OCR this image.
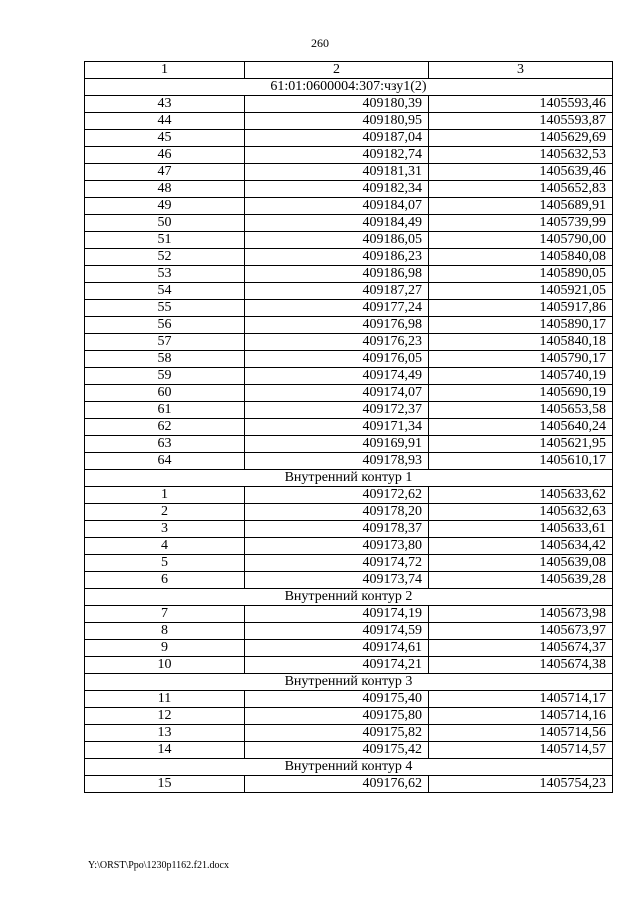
260
1	2	3
61:01:0600004:307:чзу1(2)		
43	409180,39	1405593,46
44	409180,95	1405593,87
45	409187,04	1405629,69
46	409182,74	1405632,53
47	409181,31	1405639,46
48	409182,34	1405652,83
49	409184,07	1405689,91
50	409184,49	1405739,99
51	409186,05	1405790,00
52	409186,23	1405840,08
53	409186,98	1405890,05
54	409187,27	1405921,05
55	409177,24	1405917,86
56	409176,98	1405890,17
57	409176,23	1405840,18
58	409176,05	1405790,17
59	409174,49	1405740,19
60	409174,07	1405690,19
61	409172,37	1405653,58
62	409171,34	1405640,24
63	409169,91	1405621,95
64	409178,93	1405610,17
Внутренний контур 1		
1	409172,62	1405633,62
2	409178,20	1405632,63
3	409178,37	1405633,61
4	409173,80	1405634,42
5	409174,72	1405639,08
6	409173,74	1405639,28
Внутренний контур 2		
7	409174,19	1405673,98
8	409174,59	1405673,97
9	409174,61	1405674,37
10	409174,21	1405674,38
Внутренний контур 3		
11	409175,40	1405714,17
12	409175,80	1405714,16
13	409175,82	1405714,56
14	409175,42	1405714,57
Внутренний контур 4		
15	409176,62	1405754,23
Y:\ORST\Ppo\1230p1162.f21.docx
